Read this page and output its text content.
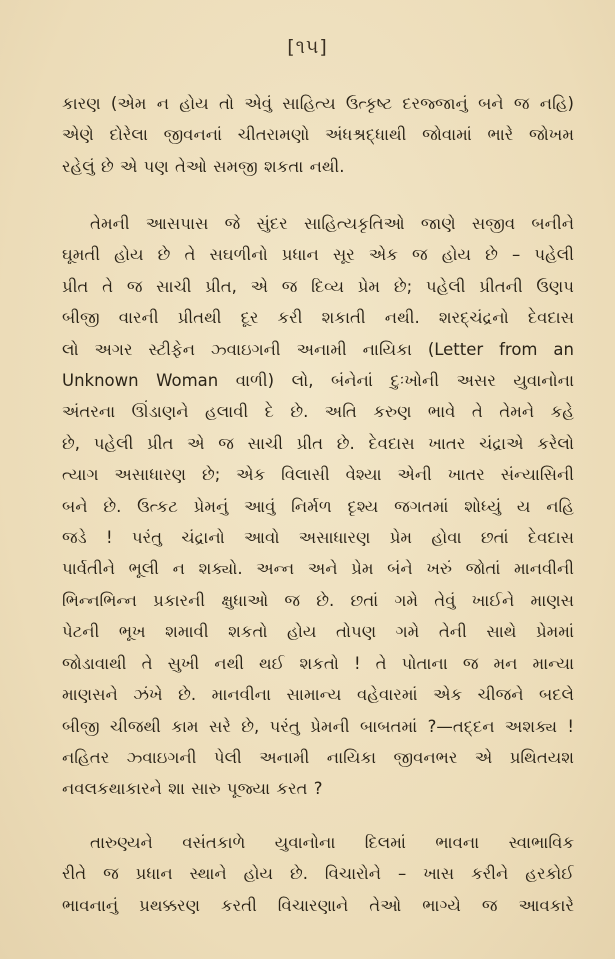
[૧૫]
કારણ (એમ ન હોય તો એવું સાહિત્ય ઉત્કૃષ્ટ દરજ્જાનું બને જ નહિ)
એણે દોરેલા જીવનનાં ચીતરામણો અંધશ્રદ્ધાથી જોવામાં ભારે જોખમ
રહેલું છે એ પણ તેઓ સમજી શકતા નથી.
તેમની આસપાસ જે સુંદર સાહિત્યકૃતિઓ જાણે સજીવ બનીને
ઘૂમતી હોય છે તે સઘળીનો પ્રધાન સૂર એક જ હોય છે – પહેલી
પ્રીત તે જ સાચી પ્રીત, એ જ દિવ્ય પ્રેમ છે; પહેલી પ્રીતની ઉણપ
બીજી વારની પ્રીતથી દૂર કરી શકાતી નથી. શરદ્ચંદ્રનો દેવદાસ
લો અગર સ્ટીફેન ઝ્વાઇગની અનામી નાયિકા (Letter from an
Unknown Woman વાળી) લો, બંનેનાં દુઃખોની અસર યુવાનોના
અંતરના ઊંડાણને હલાવી દે છે. અતિ કરુણ ભાવે તે તેમને કહે
છે, પહેલી પ્રીત એ જ સાચી પ્રીત છે. દેવદાસ ખાતર ચંદ્રાએ કરેલો
ત્યાગ અસાધારણ છે; એક વિલાસી વેશ્યા એની ખાતર સંન્યાસિની
બને છે. ઉત્કટ પ્રેમનું આવું નિર્મળ દૃશ્ય જગતમાં શોધ્યું ય નહિ
જડે ! પરંતુ ચંદ્રાનો આવો અસાધારણ પ્રેમ હોવા છતાં દેવદાસ
પાર્વતીને ભૂલી ન શક્યો. અન્ન અને પ્રેમ બંને ખરું જોતાં માનવીની
ભિન્નભિન્ન પ્રકારની ક્ષુધાઓ જ છે. છતાં ગમે તેવું ખાઈને માણસ
પેટની ભૂખ શમાવી શકતો હોય તોપણ ગમે તેની સાથે પ્રેમમાં
જોડાવાથી તે સુખી નથી થઈ શકતો ! તે પોતાના જ મન માન્યા
માણસને ઝંખે છે. માનવીના સામાન્ય વહેવારમાં એક ચીજને બદલે
બીજી ચીજથી કામ સરે છે, પરંતુ પ્રેમની બાબતમાં ?—તદ્દન અશક્ય !
નહિતર ઝ્વાઇગની પેલી અનામી નાયિકા જીવનભર એ પ્રથિતયશ
નવલકથાકારને શા સારુ પૂજ્યા કરત ?
તારુણ્યને વસંતકાળે યુવાનોના દિલમાં ભાવના સ્વાભાવિક
રીતે જ પ્રધાન સ્થાને હોય છે. વિચારોને – ખાસ કરીને હરકોઈ
ભાવનાનું પ્રથક્કરણ કરતી વિચારણાને તેઓ ભાગ્યે જ આવકારે
